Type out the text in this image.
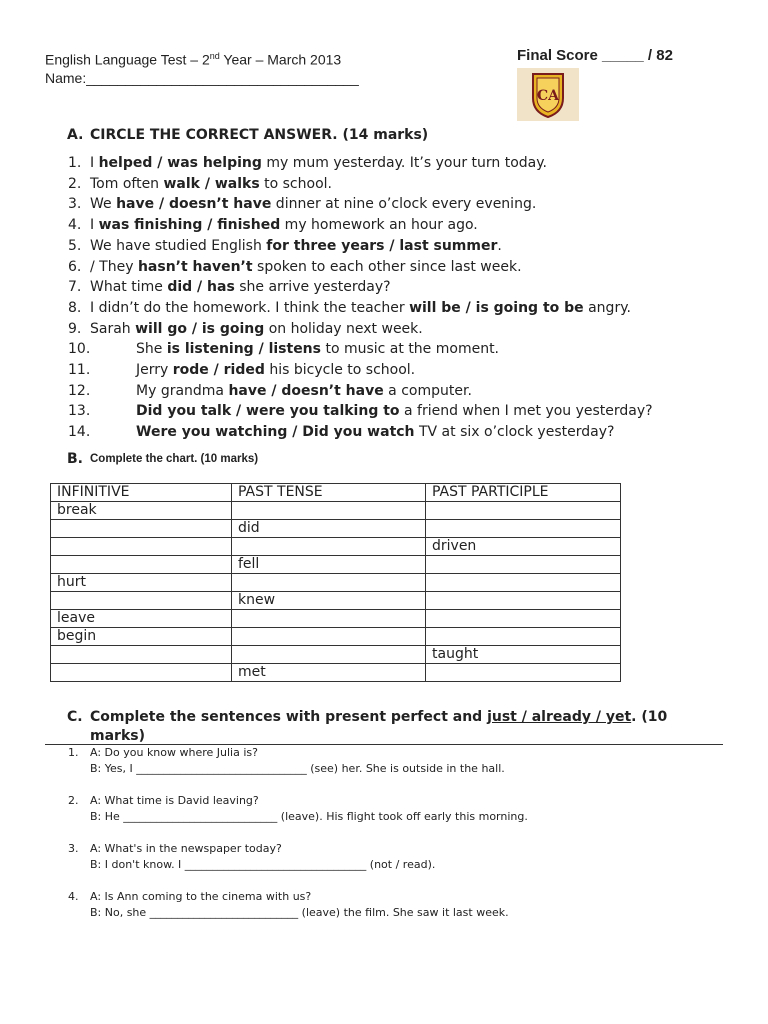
English Language Test – 2nd Year – March 2013
Name:___________________________________
Final Score _____ / 82
CA
A. CIRCLE THE CORRECT ANSWER. (14 marks)
1. I helped / was helping my mum yesterday. It’s your turn today.
2. Tom often walk / walks to school.
3. We have / doesn’t have dinner at nine o’clock every evening.
4. I was finishing / finished my homework an hour ago.
5. We have studied English for three years / last summer.
6. / They hasn’t haven’t spoken to each other since last week.
7. What time did / has she arrive yesterday?
8. I didn’t do the homework. I think the teacher will be / is going to be angry.
9. Sarah will go / is going on holiday next week.
10.	She is listening / listens to music at the moment.
11.	Jerry rode / rided his bicycle to school.
12.	My grandma have / doesn’t have a computer.
13.	Did you talk / were you talking to a friend when I met you yesterday?
14.	Were you watching / Did you watch TV at six o’clock yesterday?
B. Complete the chart. (10 marks)
INFINITIVE	PAST TENSE	PAST PARTICIPLE
break		
	did	
		driven
	fell	
hurt		
	knew	
leave		
begin		
		taught
	met	
C. Complete the sentences with present perfect and just / already / yet. (10
marks)
1. A: Do you know where Julia is?
B: Yes, I _______________________________ (see) her. She is outside in the hall.
2. A: What time is David leaving?
B: He ____________________________ (leave). His flight took off early this morning.
3. A: What's in the newspaper today?
B: I don't know. I _________________________________ (not / read).
4. A: Is Ann coming to the cinema with us?
B: No, she ___________________________ (leave) the film. She saw it last week.
